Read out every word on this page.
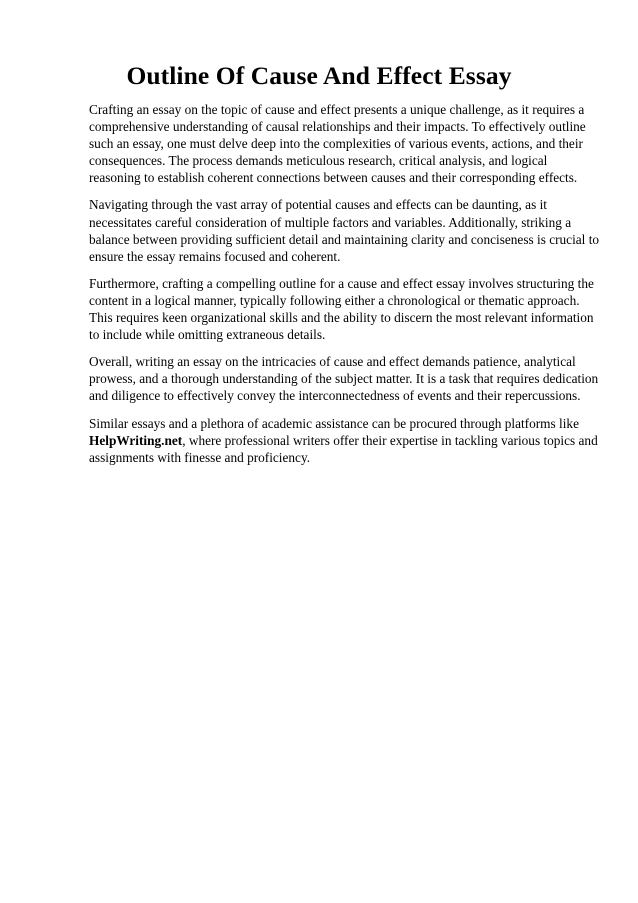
Outline Of Cause And Effect Essay

Crafting an essay on the topic of cause and effect presents a unique challenge, as it requires a comprehensive understanding of causal relationships and their impacts. To effectively outline such an essay, one must delve deep into the complexities of various events, actions, and their consequences. The process demands meticulous research, critical analysis, and logical reasoning to establish coherent connections between causes and their corresponding effects.

Navigating through the vast array of potential causes and effects can be daunting, as it necessitates careful consideration of multiple factors and variables. Additionally, striking a balance between providing sufficient detail and maintaining clarity and conciseness is crucial to ensure the essay remains focused and coherent.

Furthermore, crafting a compelling outline for a cause and effect essay involves structuring the content in a logical manner, typically following either a chronological or thematic approach. This requires keen organizational skills and the ability to discern the most relevant information to include while omitting extraneous details.

Overall, writing an essay on the intricacies of cause and effect demands patience, analytical prowess, and a thorough understanding of the subject matter. It is a task that requires dedication and diligence to effectively convey the interconnectedness of events and their repercussions.

Similar essays and a plethora of academic assistance can be procured through platforms like HelpWriting.net, where professional writers offer their expertise in tackling various topics and assignments with finesse and proficiency.
